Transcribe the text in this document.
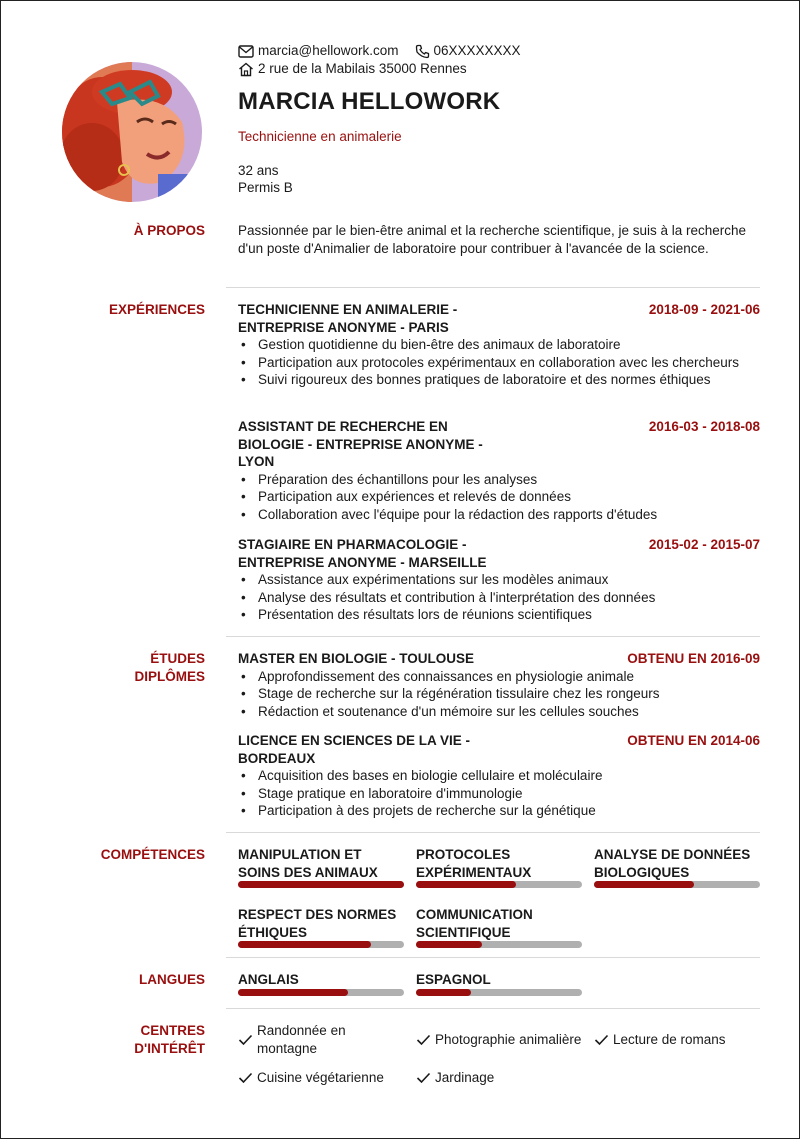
marcia@hellowork.com	06XXXXXXXX
2 rue de la Mabilais 35000 Rennes
MARCIA HELLOWORK
Technicienne en animalerie
32 ans
Permis B
À PROPOS Passionnée par le bien-être animal et la recherche scientifique, je suis à la recherche d'un poste d'Animalier de laboratoire pour contribuer à l'avancée de la science.
EXPÉRIENCES TECHNICIENNE EN ANIMALERIE - ENTREPRISE ANONYME - PARIS
2018-09 - 2021-06
• Gestion quotidienne du bien-être des animaux de laboratoire
• Participation aux protocoles expérimentaux en collaboration avec les chercheurs
• Suivi rigoureux des bonnes pratiques de laboratoire et des normes éthiques
ASSISTANT DE RECHERCHE EN BIOLOGIE - ENTREPRISE ANONYME - LYON
2016-03 - 2018-08
• Préparation des échantillons pour les analyses
• Participation aux expériences et relevés de données
• Collaboration avec l'équipe pour la rédaction des rapports d'études
STAGIAIRE EN PHARMACOLOGIE - ENTREPRISE ANONYME - MARSEILLE
2015-02 - 2015-07
• Assistance aux expérimentations sur les modèles animaux
• Analyse des résultats et contribution à l'interprétation des données
• Présentation des résultats lors de réunions scientifiques
ÉTUDES
DIPLÔMES
MASTER EN BIOLOGIE - TOULOUSE	OBTENU EN 2016-09
• Approfondissement des connaissances en physiologie animale
• Stage de recherche sur la régénération tissulaire chez les rongeurs
• Rédaction et soutenance d'un mémoire sur les cellules souches
LICENCE EN SCIENCES DE LA VIE - BORDEAUX
OBTENU EN 2014-06
• Acquisition des bases en biologie cellulaire et moléculaire
• Stage pratique en laboratoire d'immunologie
• Participation à des projets de recherche sur la génétique
COMPÉTENCES MANIPULATION ET SOINS DES ANIMAUX
PROTOCOLES EXPÉRIMENTAUX
ANALYSE DE DONNÉES BIOLOGIQUES
RESPECT DES NORMES ÉTHIQUES
COMMUNICATION SCIENTIFIQUE
LANGUES ANGLAIS	ESPAGNOL
CENTRES
D'INTÉRÊT
Randonnée en montagne
Photographie animalière Lecture de romans
Cuisine végétarienne	Jardinage
